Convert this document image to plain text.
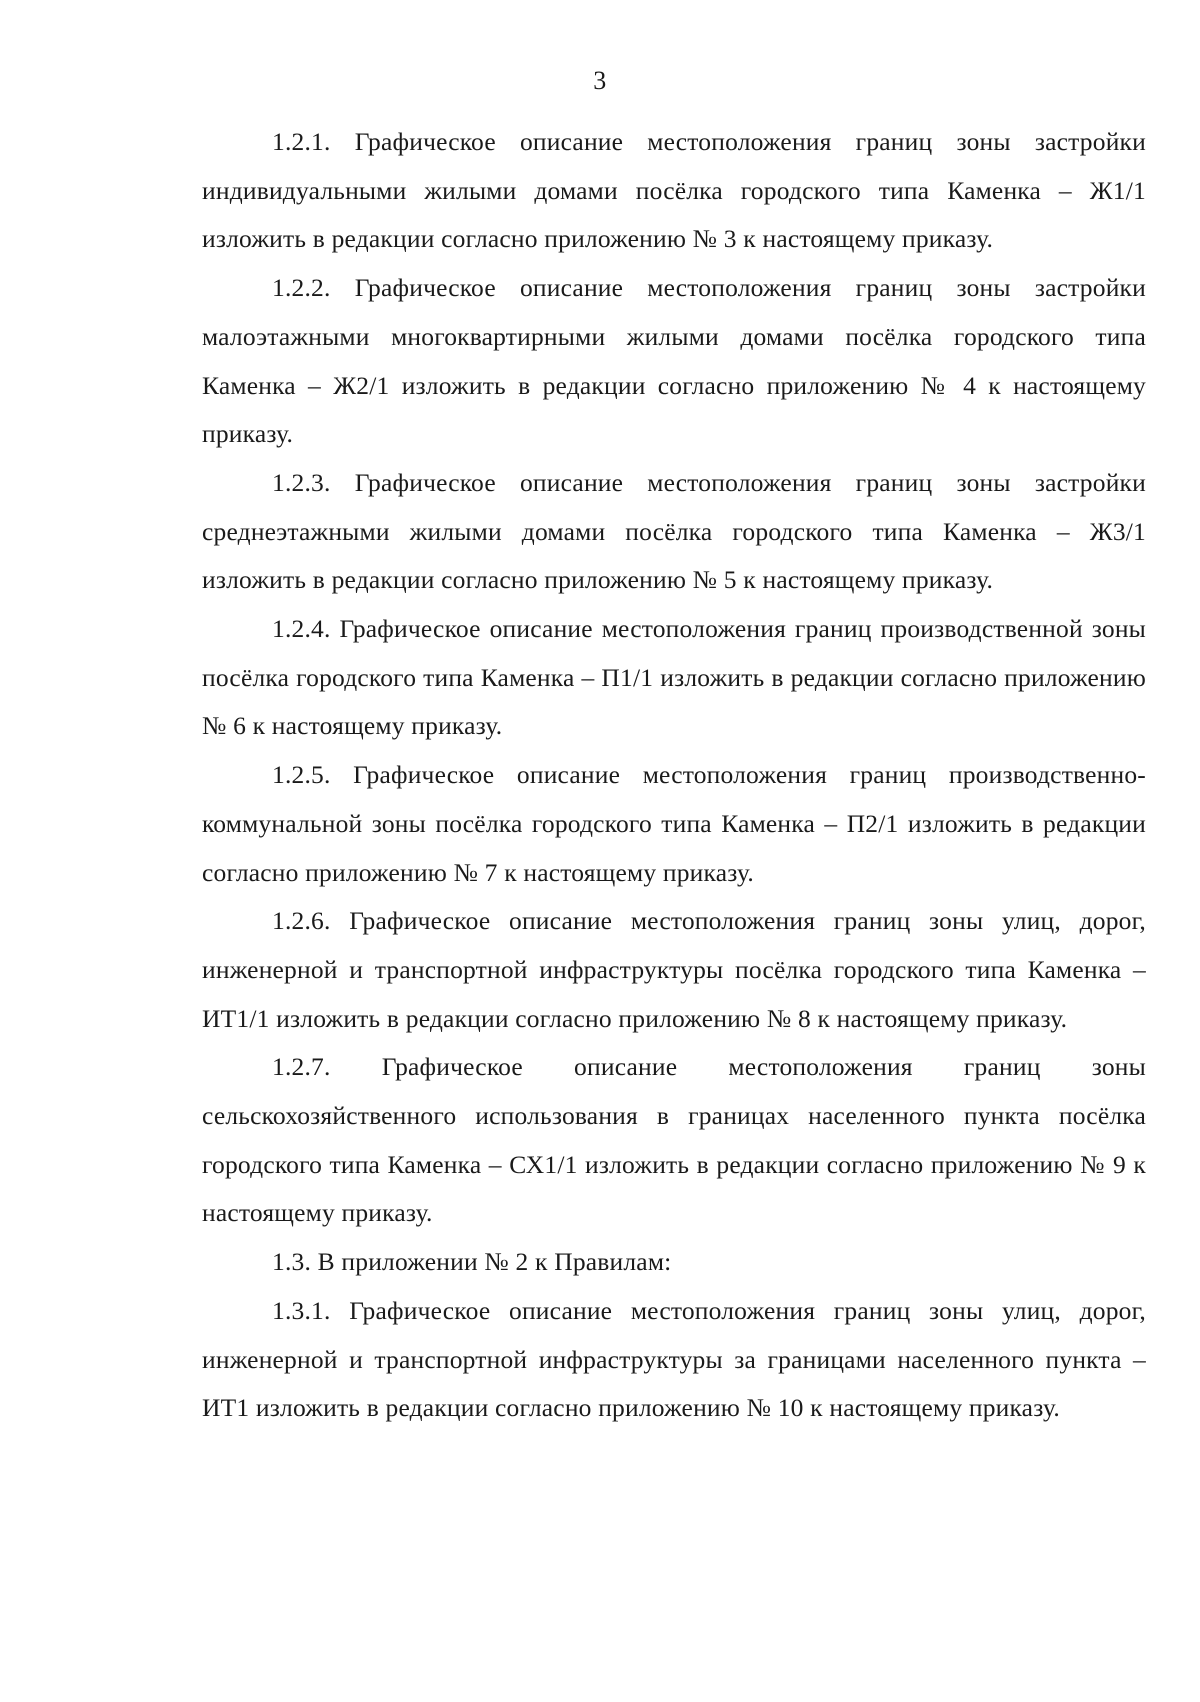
3

1.2.1. Графическое описание местоположения границ зоны застройки индивидуальными жилыми домами посёлка городского типа Каменка – Ж1/1 изложить в редакции согласно приложению № 3 к настоящему приказу.

1.2.2. Графическое описание местоположения границ зоны застройки малоэтажными многоквартирными жилыми домами посёлка городского типа Каменка – Ж2/1 изложить в редакции согласно приложению № 4 к настоящему приказу.

1.2.3. Графическое описание местоположения границ зоны застройки среднеэтажными жилыми домами посёлка городского типа Каменка – Ж3/1 изложить в редакции согласно приложению № 5 к настоящему приказу.

1.2.4. Графическое описание местоположения границ производственной зоны посёлка городского типа Каменка – П1/1 изложить в редакции согласно приложению № 6 к настоящему приказу.

1.2.5. Графическое описание местоположения границ производственно-коммунальной зоны посёлка городского типа Каменка – П2/1 изложить в редакции согласно приложению № 7 к настоящему приказу.

1.2.6. Графическое описание местоположения границ зоны улиц, дорог, инженерной и транспортной инфраструктуры посёлка городского типа Каменка – ИТ1/1 изложить в редакции согласно приложению № 8 к настоящему приказу.

1.2.7. Графическое описание местоположения границ зоны сельскохозяйственного использования в границах населенного пункта посёлка городского типа Каменка – СХ1/1 изложить в редакции согласно приложению № 9 к настоящему приказу.

1.3. В приложении № 2 к Правилам:

1.3.1. Графическое описание местоположения границ зоны улиц, дорог, инженерной и транспортной инфраструктуры за границами населенного пункта – ИТ1 изложить в редакции согласно приложению № 10 к настоящему приказу.
